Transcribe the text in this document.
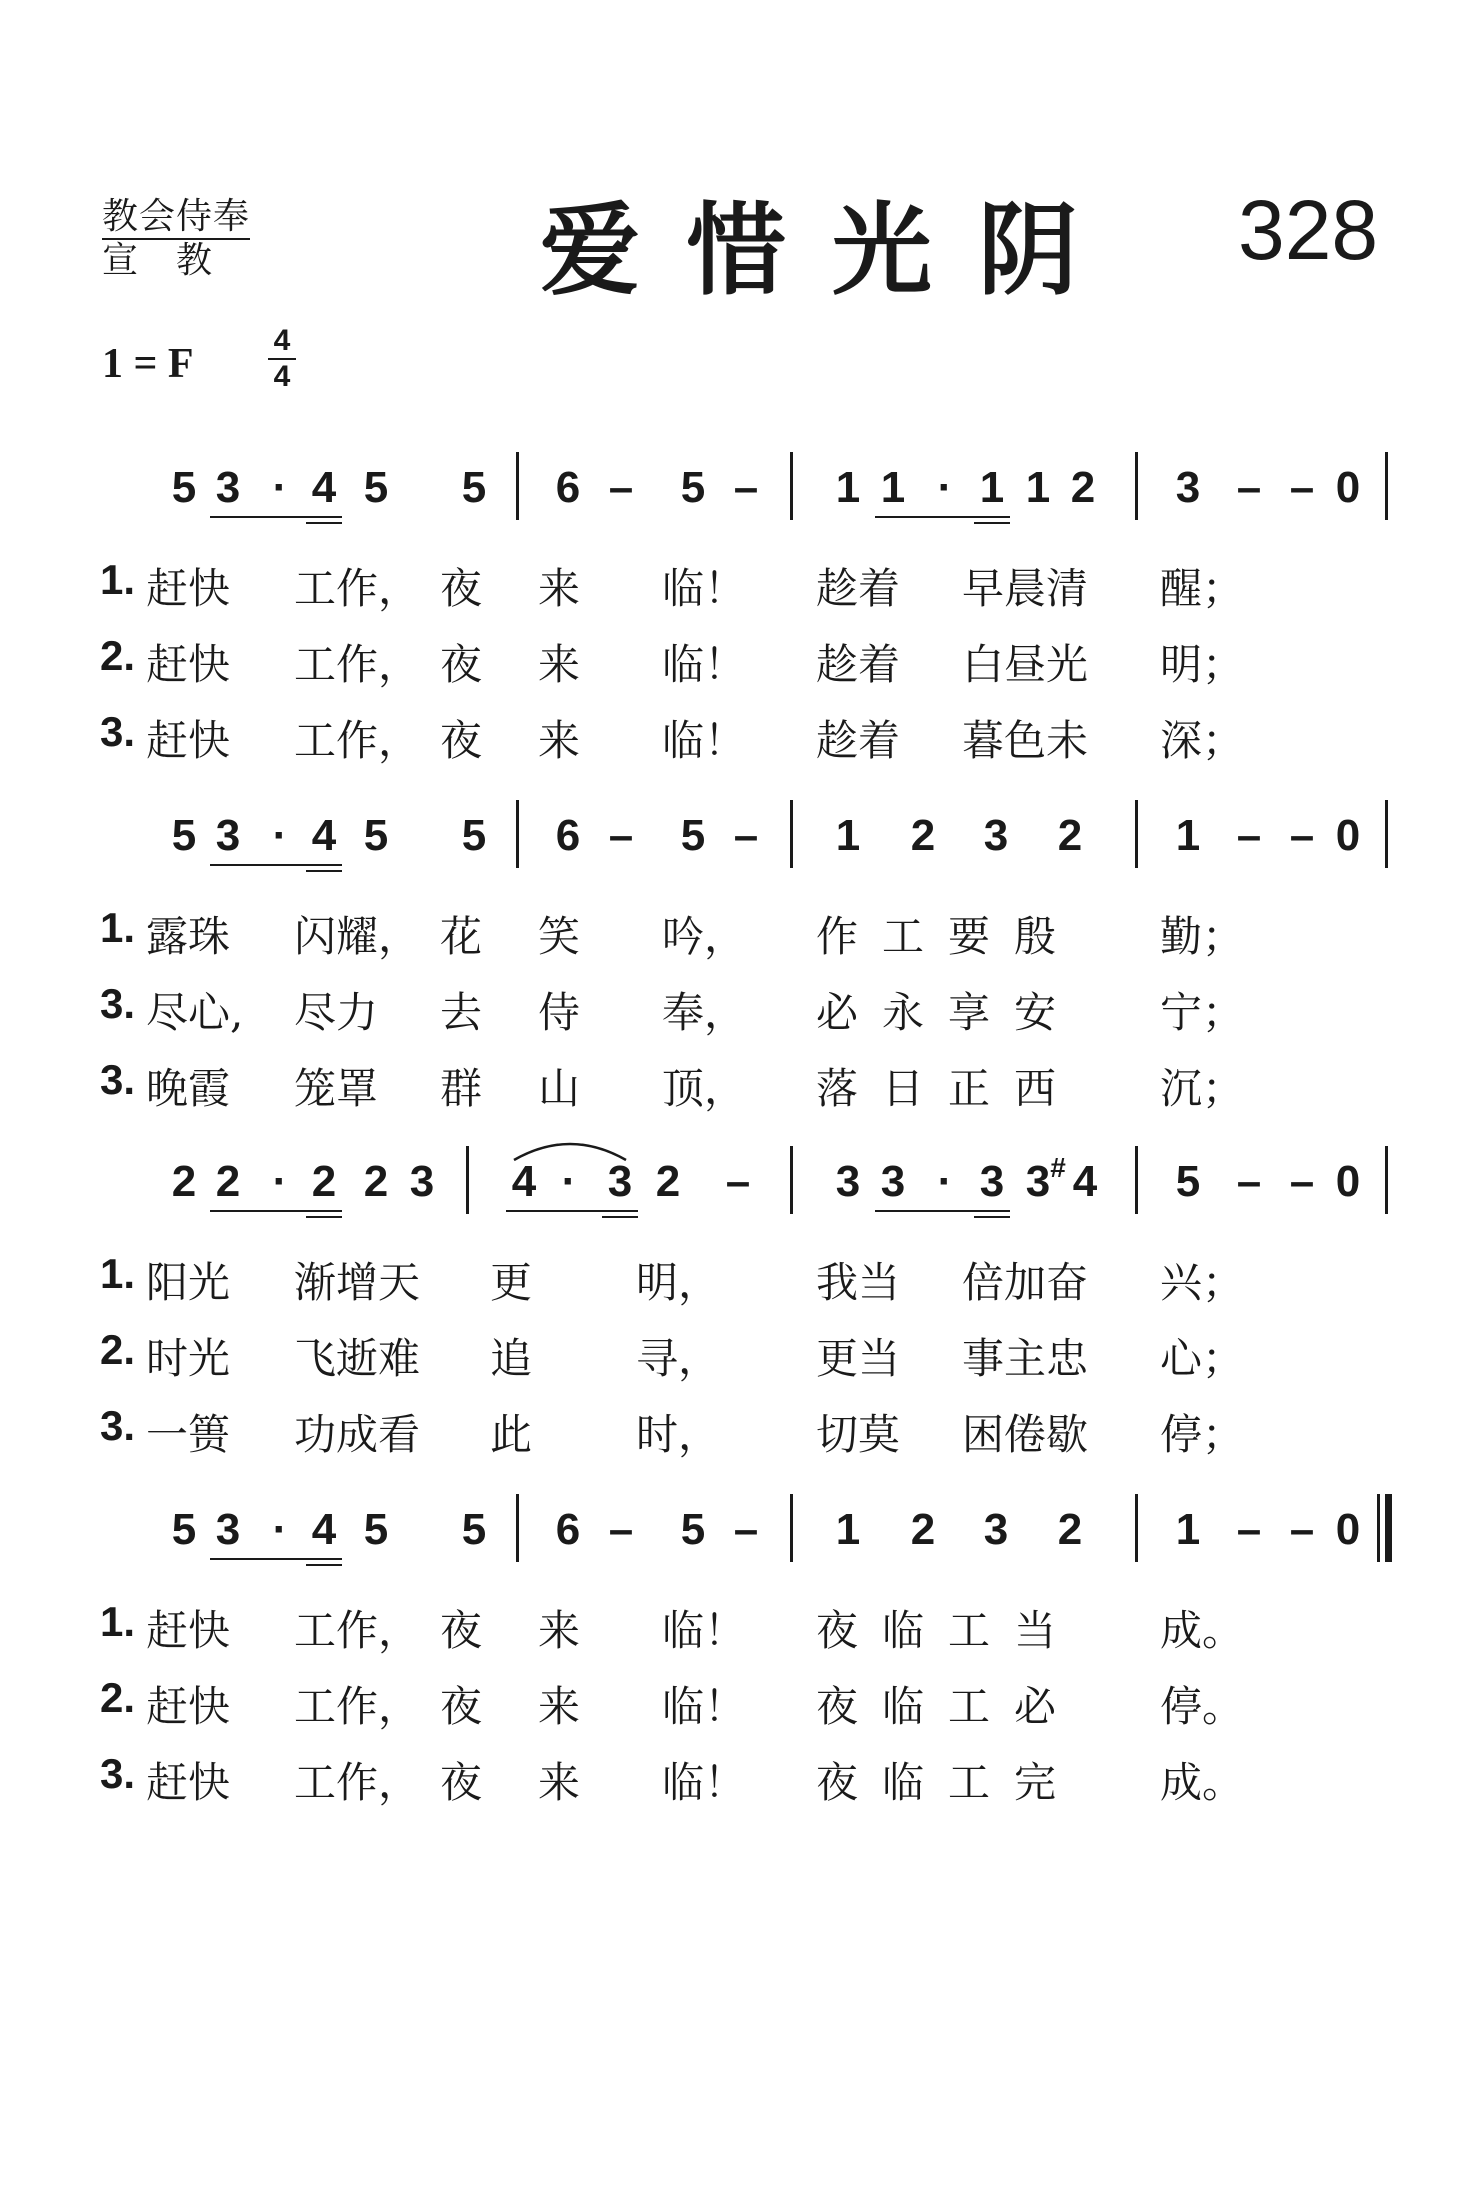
教会侍奉
宣　教	爱惜光阴 328
1 = F
4
4
5 3 · 4 5 5 6 – 5 – 1 1 · 1 1 2 3 – – 0
1. 赶快 工作， 夜 来 临！ 趁着 早晨清 醒；
2. 赶快 工作， 夜 来 临！ 趁着 白昼光 明；
3. 赶快 工作， 夜 来 临！ 趁着 暮色未 深；
5 3 · 4 5 5 6 – 5 – 1 2 3 2 1 – – 0
1. 露珠 闪耀， 花 笑 吟， 作工要殷 勤；
3. 尽心, 尽力 去 侍 奉， 必永享安 宁；
3. 晚霞 笼罩 群 山 顶， 落日正西 沉；
2 2 · 2 2 3 4 · 3 2 – 3 3 · 3 3 # 4 5 – – 0
1. 阳光 渐增天 更 明， 我当 倍加奋 兴；
2. 时光 飞逝难 追 寻， 更当 事主忠 心；
3. 一篑 功成看 此 时， 切莫 困倦歇 停；
5 3 · 4 5 5 6 – 5 – 1 2 3 2 1 – – 0
1. 赶快 工作， 夜 来 临！ 夜临工当 成。
2. 赶快 工作， 夜 来 临！ 夜临工必 停。
3. 赶快 工作， 夜 来 临！ 夜临工完 成。
